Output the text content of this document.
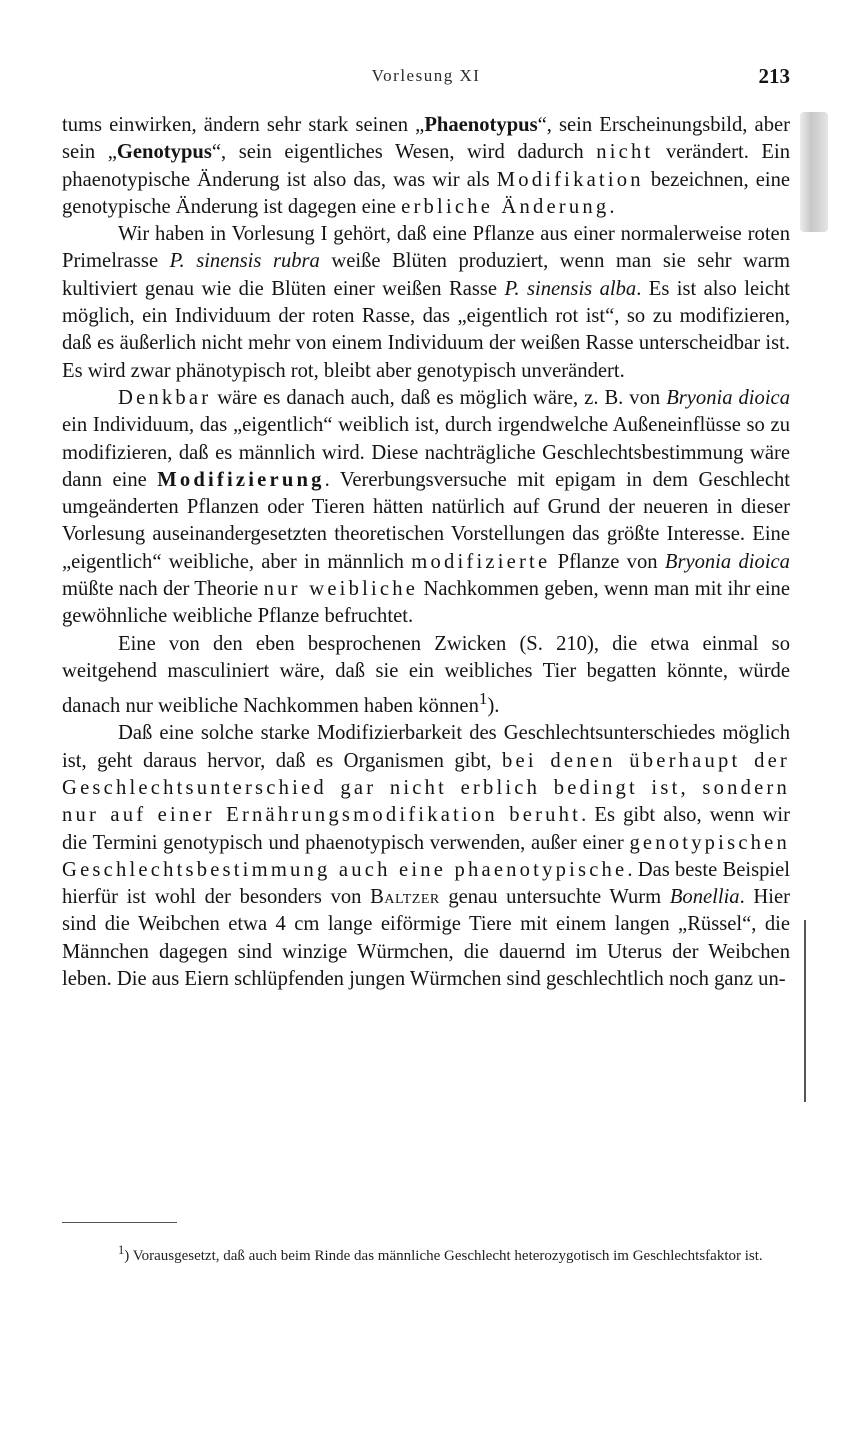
Vorlesung XI	213

tums einwirken, ändern sehr stark seinen „Phaenotypus“, sein Erscheinungsbild, aber sein „Genotypus“, sein eigentliches Wesen, wird dadurch nicht verändert. Ein phaenotypische Änderung ist also das, was wir als Modifikation bezeichnen, eine genotypische Änderung ist dagegen eine erbliche Änderung.

Wir haben in Vorlesung I gehört, daß eine Pflanze aus einer normalerweise roten Primelrasse P. sinensis rubra weiße Blüten produziert, wenn man sie sehr warm kultiviert genau wie die Blüten einer weißen Rasse P. sinensis alba. Es ist also leicht möglich, ein Individuum der roten Rasse, das „eigentlich rot ist“, so zu modifizieren, daß es äußerlich nicht mehr von einem Individuum der weißen Rasse unterscheidbar ist. Es wird zwar phänotypisch rot, bleibt aber genotypisch unverändert.

Denkbar wäre es danach auch, daß es möglich wäre, z. B. von Bryonia dioica ein Individuum, das „eigentlich“ weiblich ist, durch irgendwelche Außeneinflüsse so zu modifizieren, daß es männlich wird. Diese nachträgliche Geschlechtsbestimmung wäre dann eine Modifizierung. Vererbungsversuche mit epigam in dem Geschlecht umgeänderten Pflanzen oder Tieren hätten natürlich auf Grund der neueren in dieser Vorlesung auseinandergesetzten theoretischen Vorstellungen das größte Interesse. Eine „eigentlich“ weibliche, aber in männlich modifizierte Pflanze von Bryonia dioica müßte nach der Theorie nur weibliche Nachkommen geben, wenn man mit ihr eine gewöhnliche weibliche Pflanze befruchtet.

Eine von den eben besprochenen Zwicken (S. 210), die etwa einmal so weitgehend masculiniert wäre, daß sie ein weibliches Tier begatten könnte, würde danach nur weibliche Nachkommen haben können$^1$).

Daß eine solche starke Modifizierbarkeit des Geschlechtsunterschiedes möglich ist, geht daraus hervor, daß es Organismen gibt, bei denen überhaupt der Geschlechtsunterschied gar nicht erblich bedingt ist, sondern nur auf einer Ernährungsmodifikation beruht. Es gibt also, wenn wir die Termini genotypisch und phaenotypisch verwenden, außer einer genotypischen Geschlechtsbestimmung auch eine phaenotypische. Das beste Beispiel hierfür ist wohl der besonders von Baltzer genau untersuchte Wurm Bonellia. Hier sind die Weibchen etwa 4 cm lange eiförmige Tiere mit einem langen „Rüssel“, die Männchen dagegen sind winzige Würmchen, die dauernd im Uterus der Weibchen leben. Die aus Eiern schlüpfenden jungen Würmchen sind geschlechtlich noch ganz un-

$^1$) Vorausgesetzt, daß auch beim Rinde das männliche Geschlecht heterozygotisch im Geschlechtsfaktor ist.
